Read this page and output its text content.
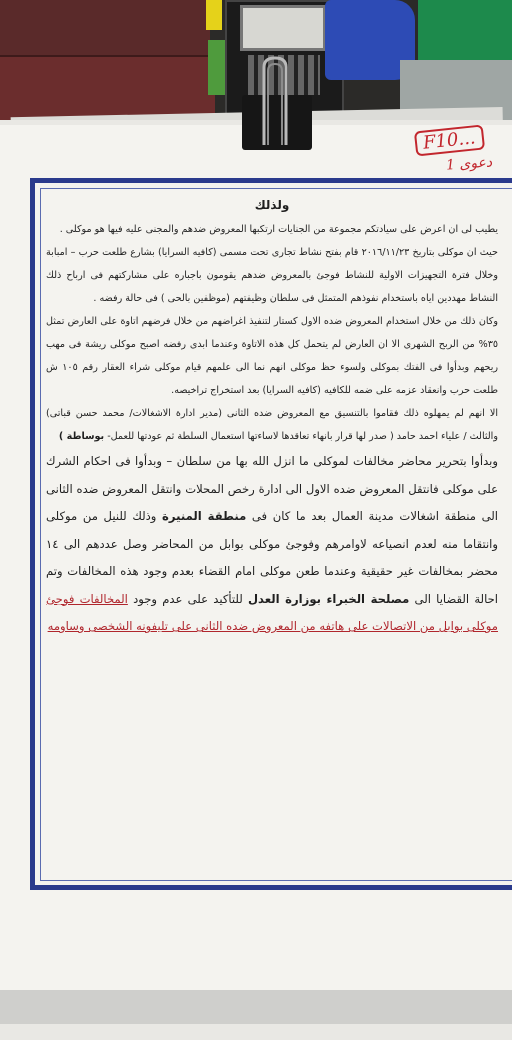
F10...
1 دعوى
ولذلك

يطيب لى ان اعرض على سيادتكم مجموعة من الجنايات ارتكبها المعروض ضدهم والمجنى عليه فيها هو موكلى .

حيث ان موكلى بتاريخ ٢٠١٦/١١/٢٣ قام بفتح نشاط تجارى تحت مسمى (كافيه السرايا) بشارع طلعت حرب – امبابة وخلال فترة التجهيزات الاولية للنشاط فوجئ بالمعروض ضدهم يقومون باجباره على مشاركتهم فى ارباح ذلك النشاط مهددين اياه باستخدام نفوذهم المتمثل فى سلطان وظيفتهم (موظفين بالحى ) فى حالة رفضه .

وكان ذلك من خلال استخدام المعروض ضده الاول كستار لتنفيذ اغراضهم من خلال فرضهم اتاوة على العارض تمثل ٣٥% من الربح الشهرى الا ان العارض لم يتحمل كل هذه الاتاوة وعندما ابدى رفضه اصبح موكلى ريشة فى مهب ريحهم وبدأوا فى الفتك بموكلى ولسوء حظ موكلى انهم نما الى علمهم قيام موكلى شراء العقار رقم ١٠٥ ش طلعت حرب وانعقاد عزمه على ضمه للكافيه (كافيه السرايا) بعد استخراج تراخيصه.

الا انهم لم يمهلوه ذلك فقاموا بالتنسيق مع المعروض ضده الثانى (مدير ادارة الاشغالات/ محمد حسن قباتى) والثالث / علياء احمد حامد ( صدر لها قرار بانهاء تعاقدها لاساءتها استعمال السلطة ثم عودتها للعمل- بوساطة )

وبدأوا بتحرير محاضر مخالفات لموكلى ما انزل الله بها من سلطان – وبدأوا فى احكام الشرك على موكلى فانتقل المعروض ضده الاول الى ادارة رخص المحلات وانتقل المعروض ضده الثانى الى منطقة اشغالات مدينة العمال بعد ما كان فى منطقة المنيرة وذلك للنيل من موكلى وانتقاما منه لعدم انصياعه لاوامرهم وفوجئ موكلى بوابل من المحاضر وصل عددهم الى ١٤ محضر بمخالفات غير حقيقية وعندما طعن موكلى امام القضاء بعدم وجود هذه المخالفات وتم احالة القضايا الى مصلحة الخبراء بوزارة العدل للتأكيد على عدم وجود المخالفات فوجئ موكلى بوابل من الاتصالات على هاتفه من المعروض ضده الثانى على تليفونه الشخصى وساومه
